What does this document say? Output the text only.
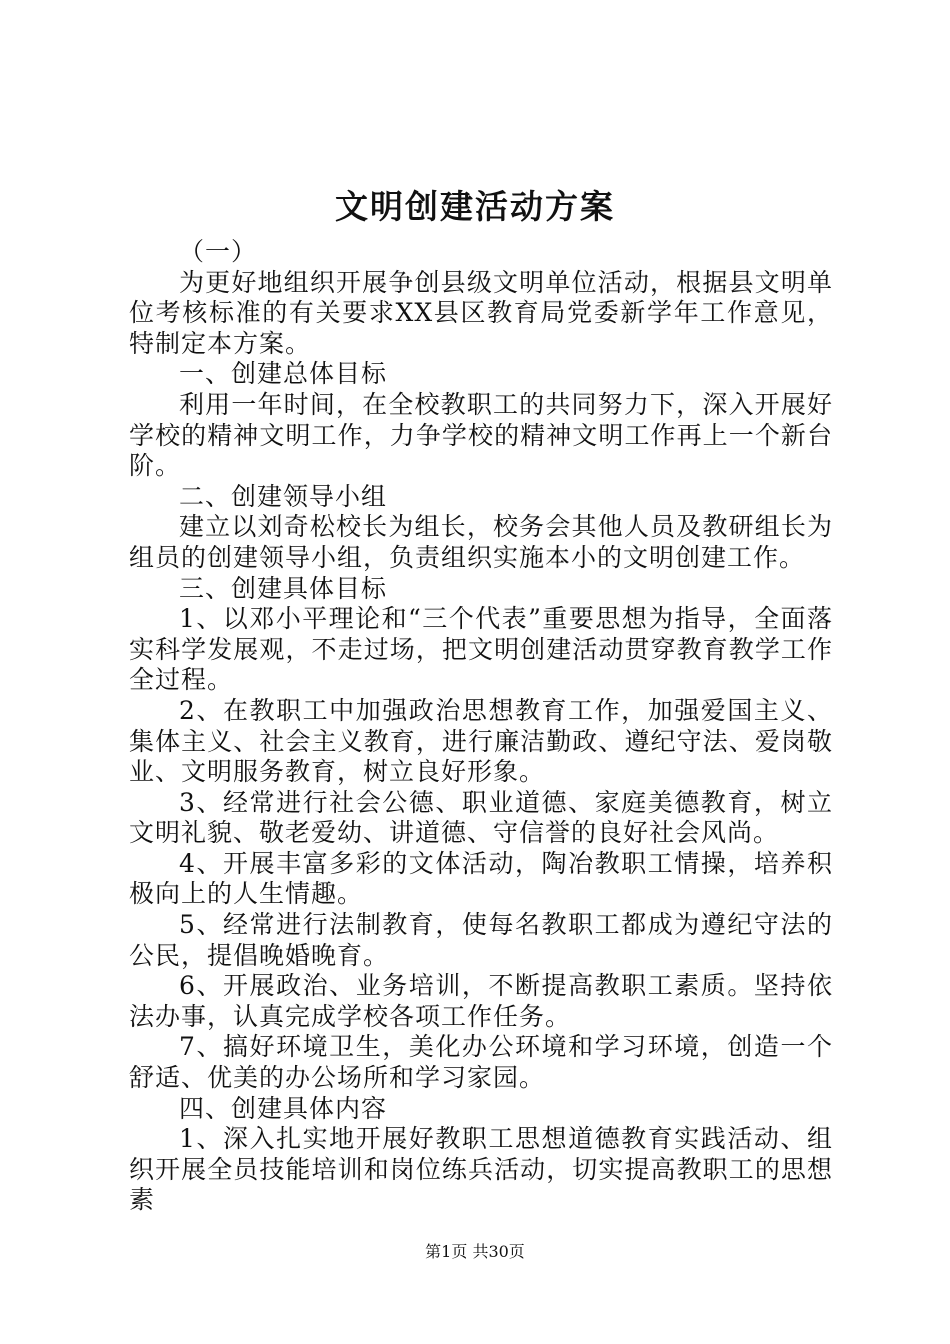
文明创建活动方案

（一）

为更好地组织开展争创县级文明单位活动，根据县文明单位考核标准的有关要求XX县区教育局党委新学年工作意见，特制定本方案。

一、创建总体目标

利用一年时间，在全校教职工的共同努力下，深入开展好学校的精神文明工作，力争学校的精神文明工作再上一个新台阶。

二、创建领导小组

建立以刘奇松校长为组长，校务会其他人员及教研组长为组员的创建领导小组，负责组织实施本小的文明创建工作。

三、创建具体目标

1、以邓小平理论和“三个代表”重要思想为指导，全面落实科学发展观，不走过场，把文明创建活动贯穿教育教学工作全过程。

2、在教职工中加强政治思想教育工作，加强爱国主义、集体主义、社会主义教育，进行廉洁勤政、遵纪守法、爱岗敬业、文明服务教育，树立良好形象。

3、经常进行社会公德、职业道德、家庭美德教育，树立文明礼貌、敬老爱幼、讲道德、守信誉的良好社会风尚。

4、开展丰富多彩的文体活动，陶冶教职工情操，培养积极向上的人生情趣。

5、经常进行法制教育，使每名教职工都成为遵纪守法的公民，提倡晚婚晚育。

6、开展政治、业务培训，不断提高教职工素质。坚持依法办事，认真完成学校各项工作任务。

7、搞好环境卫生，美化办公环境和学习环境，创造一个舒适、优美的办公场所和学习家园。

四、创建具体内容

1、深入扎实地开展好教职工思想道德教育实践活动、组织开展全员技能培训和岗位练兵活动，切实提高教职工的思想素

第1页 共30页
